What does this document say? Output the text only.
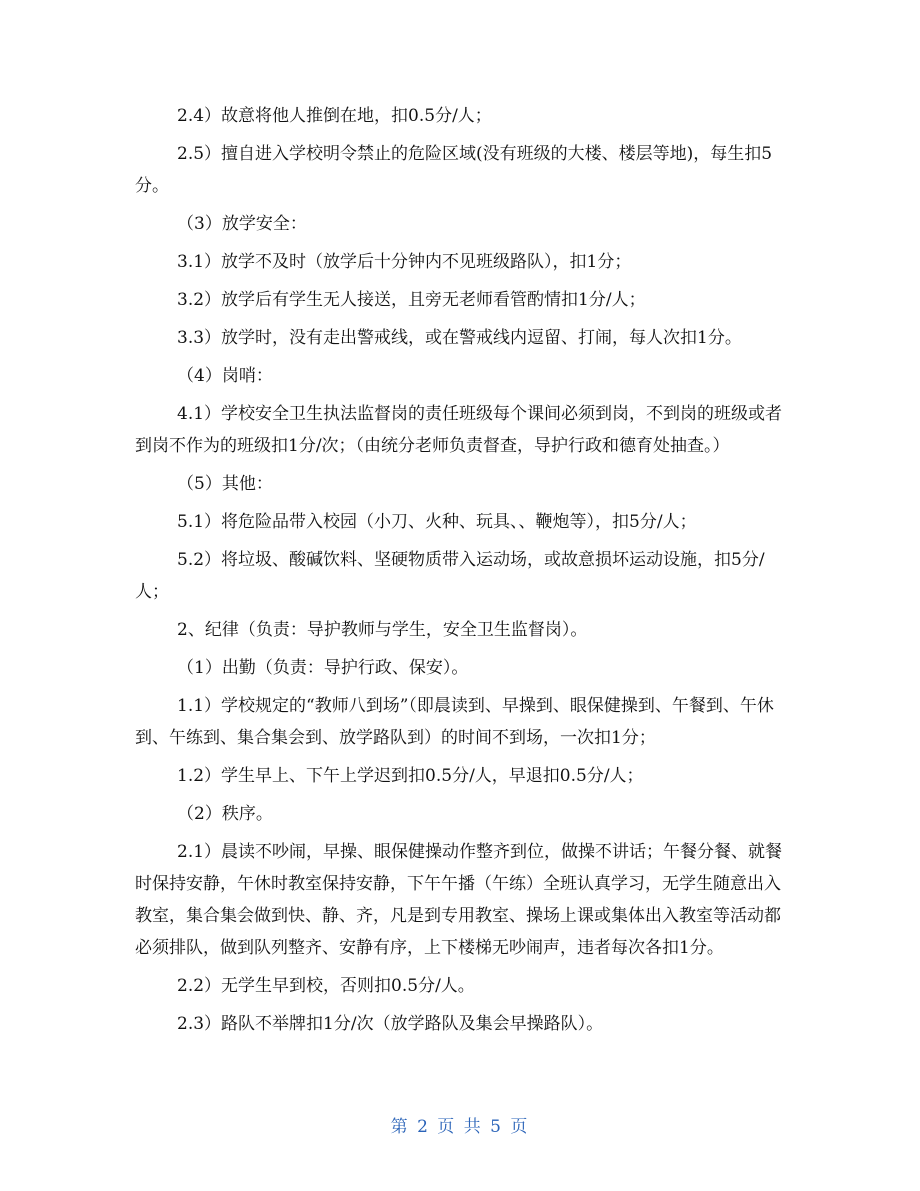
2.4）故意将他人推倒在地，扣0.5分/人；

2.5）擅自进入学校明令禁止的危险区域(没有班级的大楼、楼层等地)，每生扣5分。

（3）放学安全：

3.1）放学不及时（放学后十分钟内不见班级路队），扣1分；

3.2）放学后有学生无人接送，且旁无老师看管酌情扣1分/人；

3.3）放学时，没有走出警戒线，或在警戒线内逗留、打闹，每人次扣1分。

（4）岗哨：

4.1）学校安全卫生执法监督岗的责任班级每个课间必须到岗，不到岗的班级或者到岗不作为的班级扣1分/次；（由统分老师负责督查，导护行政和德育处抽查。）

（5）其他：

5.1）将危险品带入校园（小刀、火种、玩具、、鞭炮等），扣5分/人；

5.2）将垃圾、酸碱饮料、坚硬物质带入运动场，或故意损坏运动设施，扣5分/人；

2、纪律（负责：导护教师与学生，安全卫生监督岗）。

（1）出勤（负责：导护行政、保安）。

1.1）学校规定的“教师八到场”（即晨读到、早操到、眼保健操到、午餐到、午休到、午练到、集合集会到、放学路队到）的时间不到场，一次扣1分；

1.2）学生早上、下午上学迟到扣0.5分/人，早退扣0.5分/人；

（2）秩序。

2.1）晨读不吵闹，早操、眼保健操动作整齐到位，做操不讲话；午餐分餐、就餐时保持安静，午休时教室保持安静，下午午播（午练）全班认真学习，无学生随意出入教室，集合集会做到快、静、齐，凡是到专用教室、操场上课或集体出入教室等活动都必须排队，做到队列整齐、安静有序，上下楼梯无吵闹声，违者每次各扣1分。

2.2）无学生早到校，否则扣0.5分/人。

2.3）路队不举牌扣1分/次（放学路队及集会早操路队）。

第 2 页 共 5 页
